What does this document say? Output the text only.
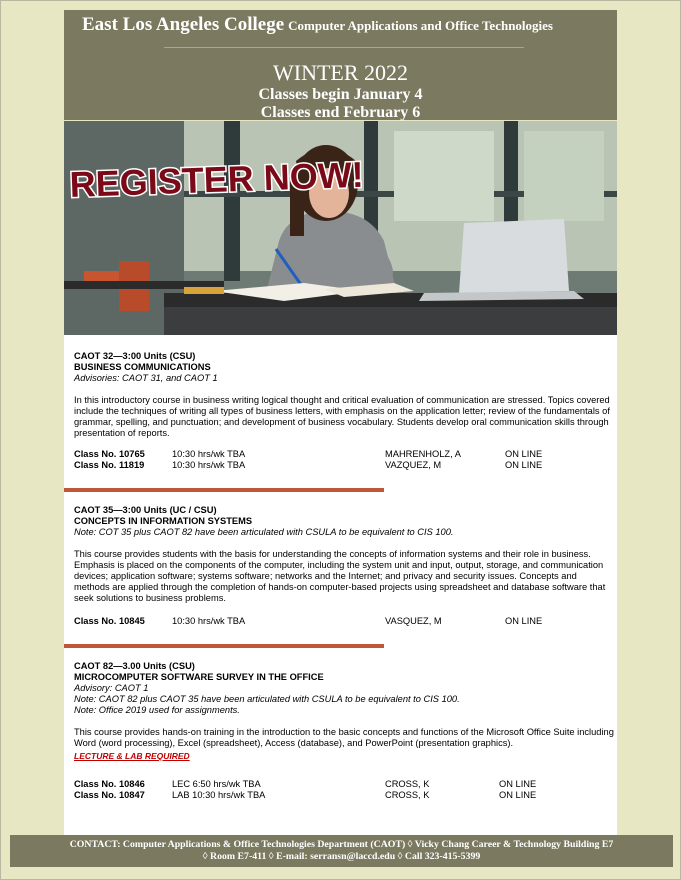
East Los Angeles College Computer Applications and Office Technologies
WINTER 2022
Classes begin January 4
Classes end February 6
REGISTER NOW!
CAOT 32—3:00 Units (CSU)
BUSINESS COMMUNICATIONS
Advisories: CAOT 31, and CAOT 1
In this introductory course in business writing logical thought and critical evaluation of communication are stressed. Topics covered include the techniques of writing all types of business letters, with emphasis on the application letter; review of the fundamentals of grammar, spelling, and punctuation; and development of business vocabulary. Students develop oral communication skills through presentation of reports.
Class No. 10765	10:30 hrs/wk TBA	MAHRENHOLZ, A	ON LINE
Class No. 11819	10:30 hrs/wk TBA	VAZQUEZ, M	ON LINE
CAOT 35—3:00 Units (UC / CSU)
CONCEPTS IN INFORMATION SYSTEMS
Note: COT 35 plus CAOT 82 have been articulated with CSULA to be equivalent to CIS 100.
This course provides students with the basis for understanding the concepts of information systems and their role in business. Emphasis is placed on the components of the computer, including the system unit and input, output, storage, and communication devices; application software; systems software; networks and the Internet; and privacy and security issues. Concepts and methods are applied through the completion of hands-on computer-based projects using spreadsheet and database software that seek solutions to business problems.
Class No. 10845	10:30 hrs/wk TBA	VASQUEZ, M	ON LINE
CAOT 82—3.00 Units (CSU)
MICROCOMPUTER SOFTWARE SURVEY IN THE OFFICE
Advisory: CAOT 1
Note: CAOT 82 plus CAOT 35 have been articulated with CSULA to be equivalent to CIS 100.
Note: Office 2019 used for assignments.
This course provides hands-on training in the introduction to the basic concepts and functions of the Microsoft Office Suite including Word (word processing), Excel (spreadsheet), Access (database), and PowerPoint (presentation graphics).
LECTURE & LAB REQUIRED
Class No. 10846	LEC 6:50 hrs/wk TBA	CROSS, K	ON LINE
Class No. 10847	LAB 10:30 hrs/wk TBA	CROSS, K	ON LINE
CONTACT: Computer Applications & Office Technologies Department (CAOT) ◊ Vicky Chang Career & Technology Building E7
◊ Room E7-411 ◊ E-mail: serransn@laccd.edu ◊ Call 323-415-5399
